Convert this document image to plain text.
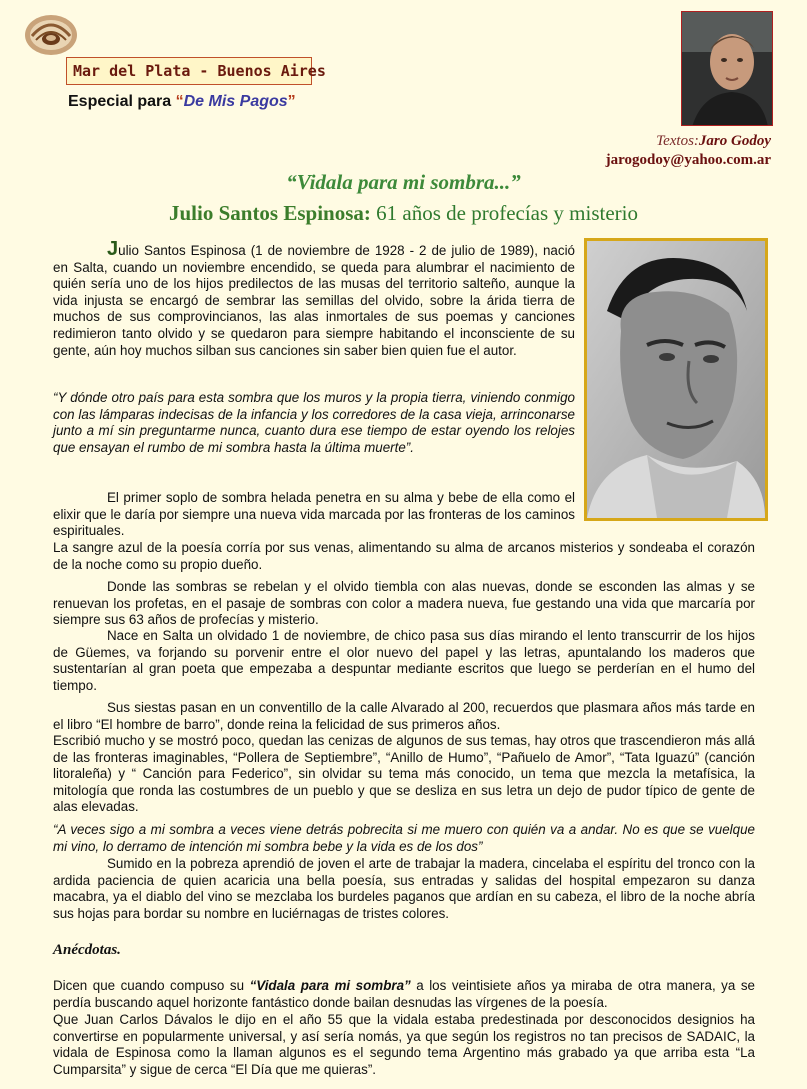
Mar del Plata - Buenos Aires
Especial para “De Mis Pagos”
Textos:Jaro Godoy
jarogodoy@yahoo.com.ar
“Vidala para mi sombra...”
Julio Santos Espinosa: 61 años de profecías y misterio

Julio Santos Espinosa (1 de noviembre de 1928 - 2 de julio de 1989), nació en Salta, cuando un noviembre encendido, se queda para alumbrar el nacimiento de quién sería uno de los hijos predilectos de las musas del territorio salteño, aunque la vida injusta se encargó de sembrar las semillas del olvido, sobre la árida tierra de muchos de sus comprovincianos, las alas inmortales de sus poemas y canciones redimieron tanto olvido y se quedaron para siempre habitando el inconsciente de su gente, aún hoy muchos silban sus canciones sin saber bien quien fue el autor.

“Y dónde otro país para esta sombra que los muros y la propia tierra, viniendo conmigo con las lámparas indecisas de la infancia y los corredores de la casa vieja, arrinconarse junto a mí sin preguntarme nunca, cuanto dura ese tiempo de estar oyendo los relojes que ensayan el rumbo de mi sombra hasta la última muerte”.

El primer soplo de sombra helada penetra en su alma y bebe de ella como el elixir que le daría por siempre una nueva vida marcada por las fronteras de los caminos espirituales.

La sangre azul de la poesía corría por sus venas, alimentando su alma de arcanos misterios y sondeaba el corazón de la noche como su propio dueño.

Donde las sombras se rebelan y el olvido tiembla con alas nuevas, donde se esconden las almas y se renuevan los profetas, en el pasaje de sombras con color a madera nueva, fue gestando una vida que marcaría por siempre sus 63 años de profecías y misterio.

Nace en Salta un olvidado 1 de noviembre, de chico pasa sus días mirando el lento transcurrir de los hijos de Güemes, va forjando su porvenir entre el olor nuevo del papel y las letras, apuntalando los maderos que sustentarían al gran poeta que empezaba a despuntar mediante escritos que luego se perderían en el humo del tiempo.

Sus siestas pasan en un conventillo de la calle Alvarado al 200, recuerdos que plasmara años más tarde en el libro “El hombre de barro”, donde reina la felicidad de sus primeros años.

Escribió mucho y se mostró poco, quedan las cenizas de algunos de sus temas, hay otros que trascendieron más allá de las fronteras imaginables, “Pollera de Septiembre”, “Anillo de Humo”, “Pañuelo de Amor”, “Tata Iguazú” (canción litoraleña) y “ Canción para Federico”, sin olvidar su tema más conocido, un tema que mezcla la metafísica, la mitología que ronda las costumbres de un pueblo y que se desliza en sus letra un dejo de pudor típico de gente de alas elevadas.

“A veces sigo a mi sombra a veces viene detrás pobrecita si me muero con quién va a andar. No es que se vuelque mi vino, lo derramo de intención mi sombra bebe y la vida es de los dos”

Sumido en la pobreza aprendió de joven el arte de trabajar la madera, cincelaba el espíritu del tronco con la ardida paciencia de quien acaricia una bella poesía, sus entradas y salidas del hospital empezaron su danza macabra, ya el diablo del vino se mezclaba los burdeles paganos que ardían en su cabeza, el libro de la noche abría sus hojas para bordar su nombre en luciérnagas de tristes colores.

Anécdotas.

Dicen que cuando compuso su “Vidala para mi sombra” a los veintisiete años ya miraba de otra manera, ya se perdía buscando aquel horizonte fantástico donde bailan desnudas las vírgenes de la poesía.

Que Juan Carlos Dávalos le dijo en el año 55 que la vidala estaba predestinada por desconocidos designios ha convertirse en popularmente universal, y así sería nomás, ya que según los registros no tan precisos de SADAIC, la vidala de Espinosa como la llaman algunos es el segundo tema Argentino más grabado ya que arriba esta “La Cumparsita” y sigue de cerca “El Día que me quieras”.
